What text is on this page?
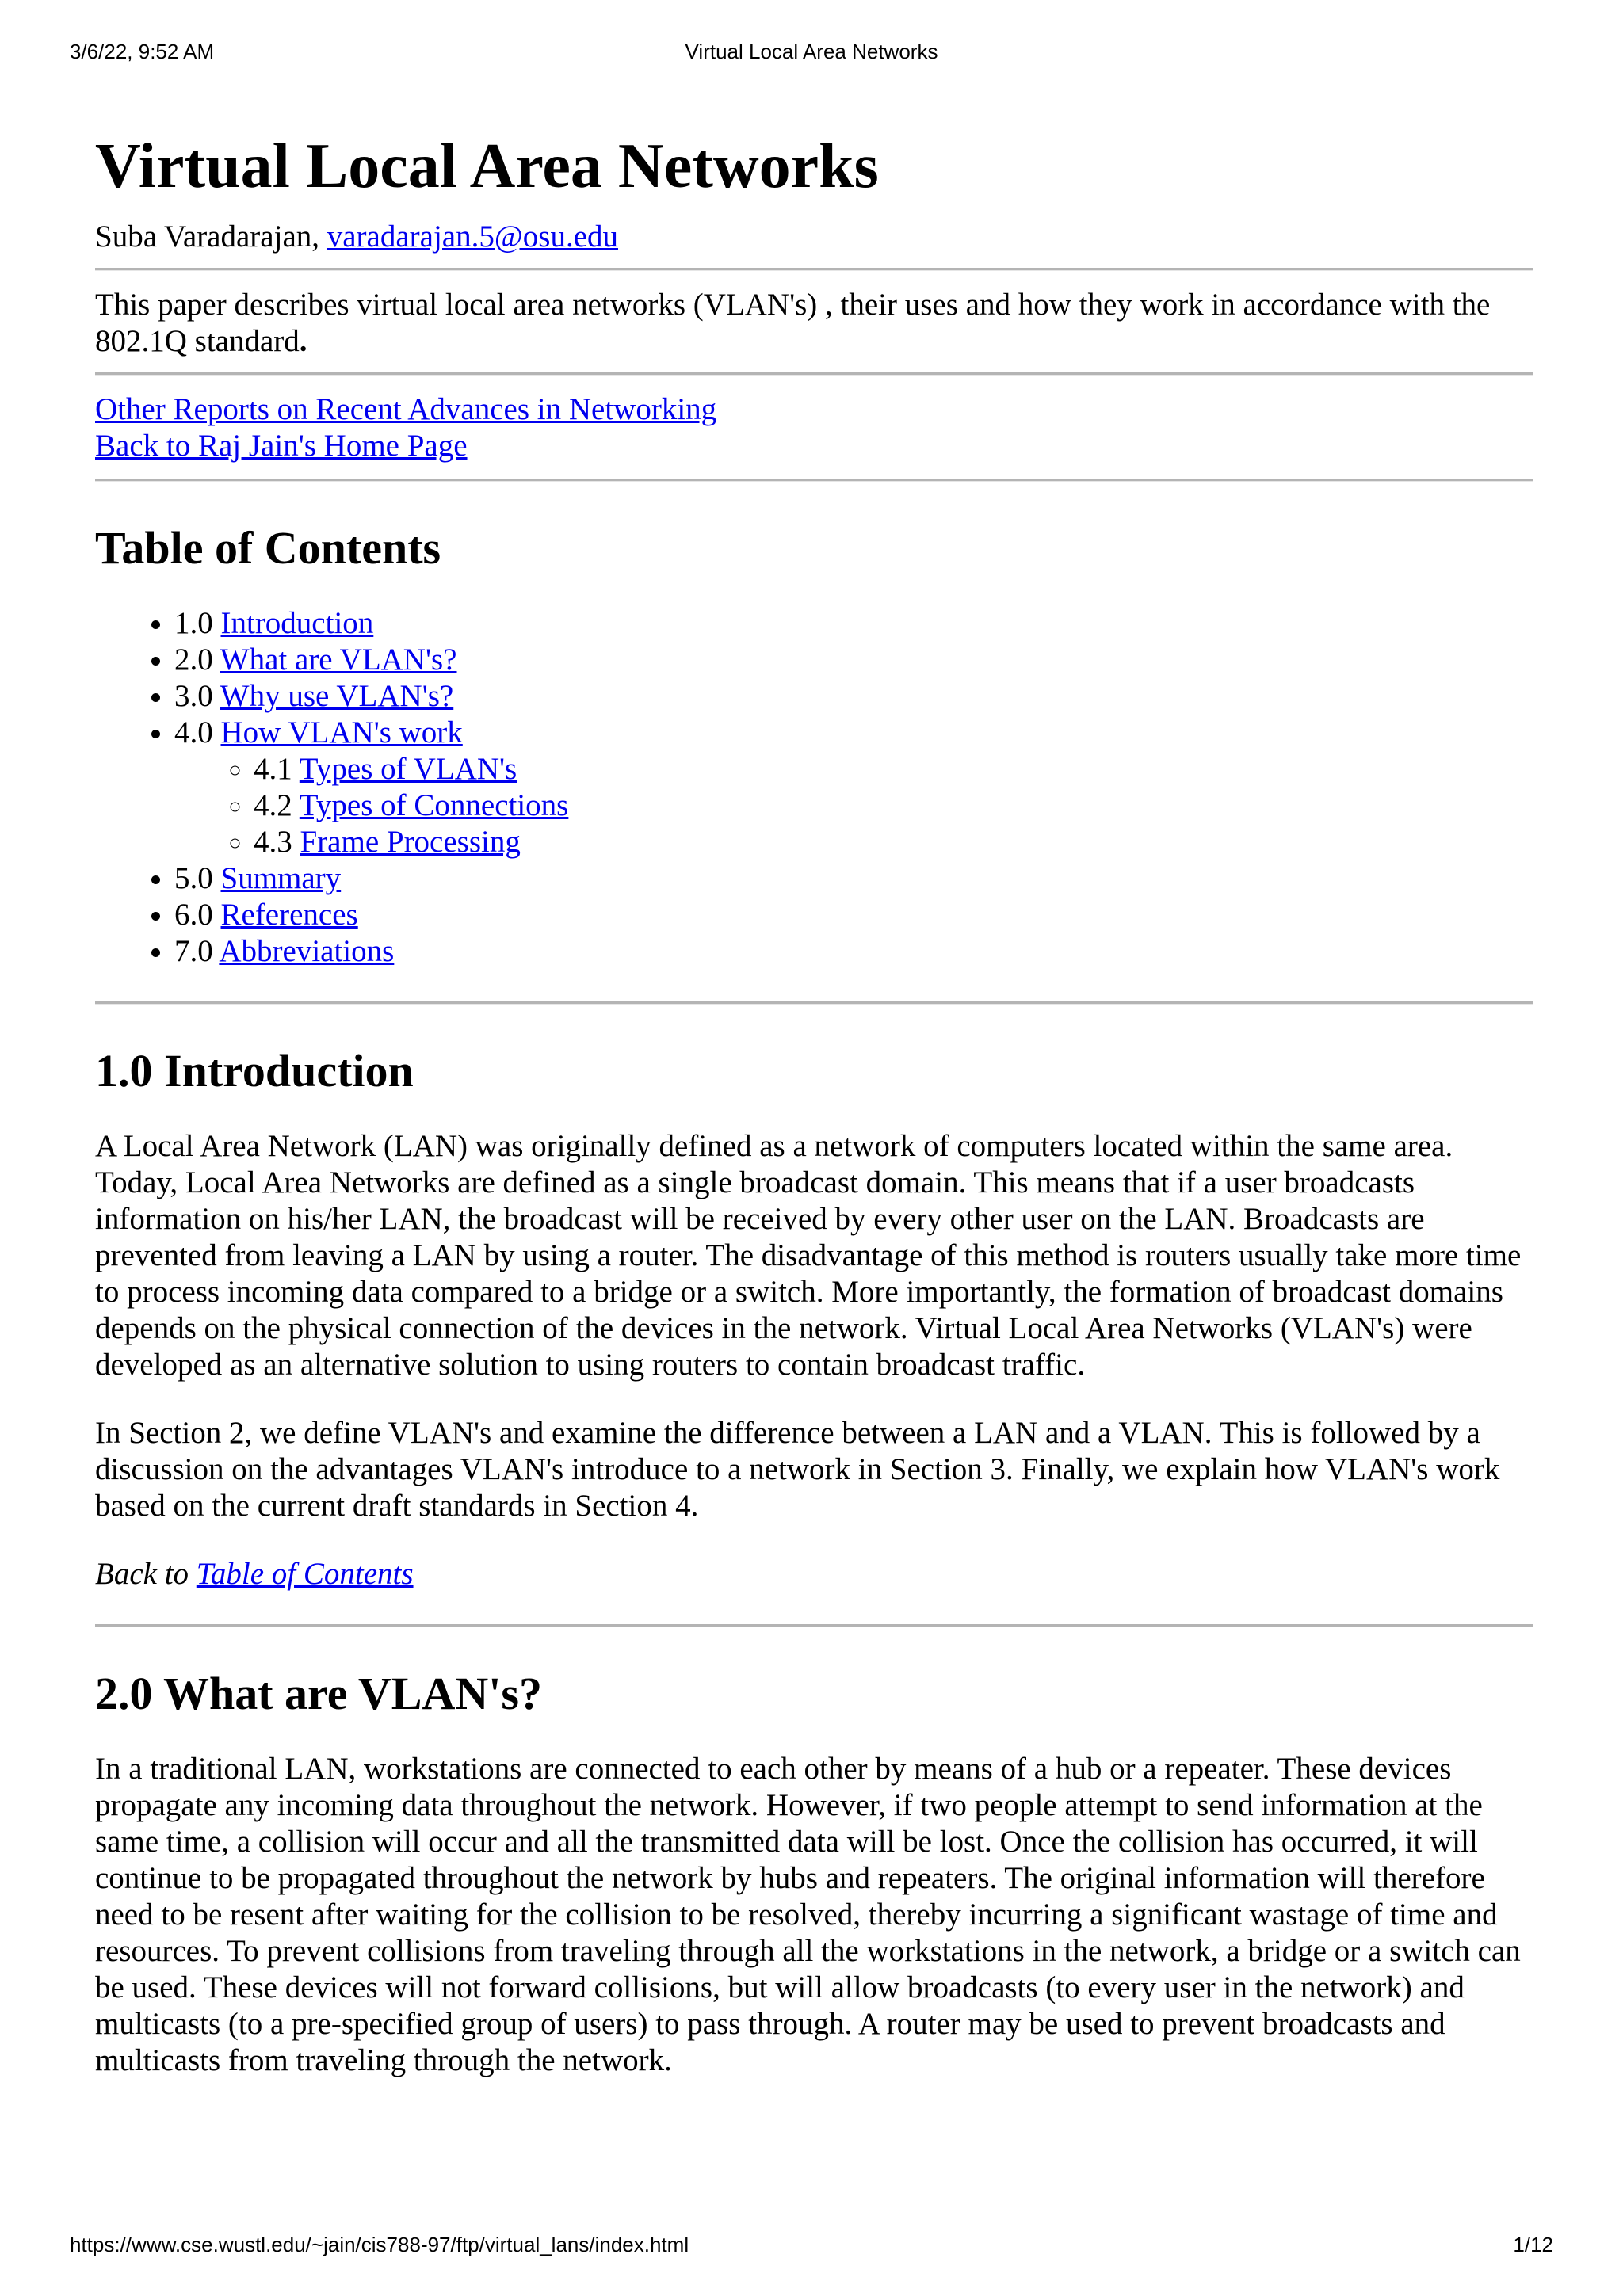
3/6/22, 9:52 AM	Virtual Local Area Networks
Virtual Local Area Networks

Suba Varadarajan, varadarajan.5@osu.edu

This paper describes virtual local area networks (VLAN's) , their uses and how they work in accordance with the 802.1Q standard.

Other Reports on Recent Advances in Networking
Back to Raj Jain's Home Page

Table of Contents
• 1.0 Introduction
• 2.0 What are VLAN's?
• 3.0 Why use VLAN's?
• 4.0 How VLAN's work
◦ 4.1 Types of VLAN's
◦ 4.2 Types of Connections
◦ 4.3 Frame Processing
• 5.0 Summary
• 6.0 References
• 7.0 Abbreviations
1.0 Introduction

A Local Area Network (LAN) was originally defined as a network of computers located within the same area. Today, Local Area Networks are defined as a single broadcast domain. This means that if a user broadcasts information on his/her LAN, the broadcast will be received by every other user on the LAN. Broadcasts are prevented from leaving a LAN by using a router. The disadvantage of this method is routers usually take more time to process incoming data compared to a bridge or a switch. More importantly, the formation of broadcast domains depends on the physical connection of the devices in the network. Virtual Local Area Networks (VLAN's) were developed as an alternative solution to using routers to contain broadcast traffic.

In Section 2, we define VLAN's and examine the difference between a LAN and a VLAN. This is followed by a discussion on the advantages VLAN's introduce to a network in Section 3. Finally, we explain how VLAN's work based on the current draft standards in Section 4.

Back to Table of Contents

2.0 What are VLAN's?

In a traditional LAN, workstations are connected to each other by means of a hub or a repeater. These devices propagate any incoming data throughout the network. However, if two people attempt to send information at the same time, a collision will occur and all the transmitted data will be lost. Once the collision has occurred, it will continue to be propagated throughout the network by hubs and repeaters. The original information will therefore need to be resent after waiting for the collision to be resolved, thereby incurring a significant wastage of time and resources. To prevent collisions from traveling through all the workstations in the network, a bridge or a switch can be used. These devices will not forward collisions, but will allow broadcasts (to every user in the network) and multicasts (to a pre-specified group of users) to pass through. A router may be used to prevent broadcasts and multicasts from traveling through the network.

https://www.cse.wustl.edu/~jain/cis788-97/ftp/virtual_lans/index.html	1/12
